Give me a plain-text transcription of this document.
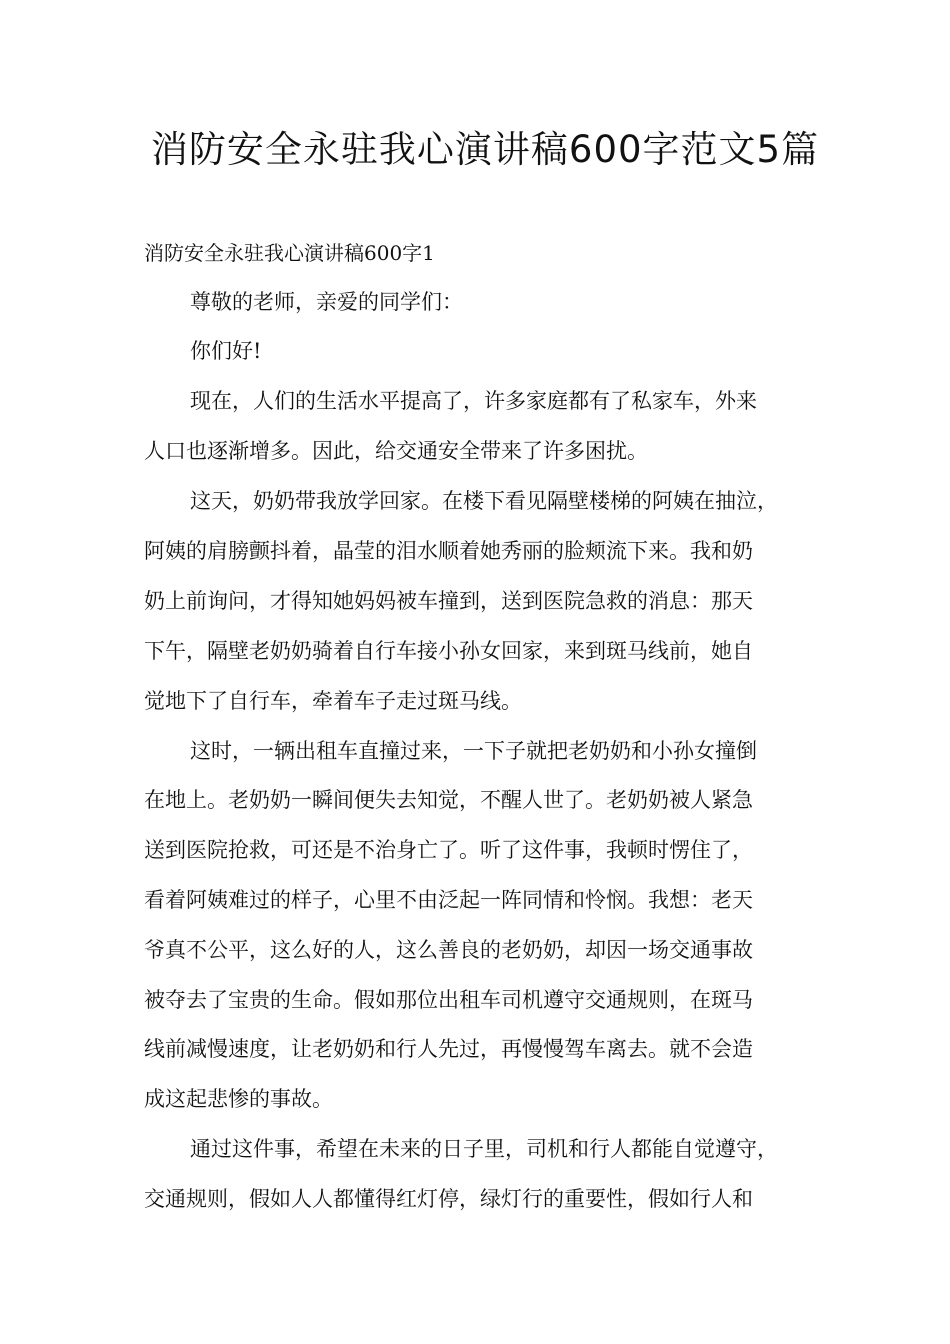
消防安全永驻我心演讲稿600字范文5篇

消防安全永驻我心演讲稿600字1

尊敬的老师，亲爱的同学们：
你们好!
现在，人们的生活水平提高了，许多家庭都有了私家车，外来
人口也逐渐增多。因此，给交通安全带来了许多困扰。
这天，奶奶带我放学回家。在楼下看见隔壁楼梯的阿姨在抽泣，
阿姨的肩膀颤抖着，晶莹的泪水顺着她秀丽的脸颊流下来。我和奶
奶上前询问，才得知她妈妈被车撞到，送到医院急救的消息：那天
下午，隔壁老奶奶骑着自行车接小孙女回家，来到斑马线前，她自
觉地下了自行车，牵着车子走过斑马线。
这时，一辆出租车直撞过来，一下子就把老奶奶和小孙女撞倒
在地上。老奶奶一瞬间便失去知觉，不醒人世了。老奶奶被人紧急
送到医院抢救，可还是不治身亡了。听了这件事，我顿时愣住了，
看着阿姨难过的样子，心里不由泛起一阵同情和怜悯。我想：老天
爷真不公平，这么好的人，这么善良的老奶奶，却因一场交通事故
被夺去了宝贵的生命。假如那位出租车司机遵守交通规则，在斑马
线前减慢速度，让老奶奶和行人先过，再慢慢驾车离去。就不会造
成这起悲惨的事故。
通过这件事，希望在未来的日子里，司机和行人都能自觉遵守，
交通规则，假如人人都懂得红灯停，绿灯行的重要性，假如行人和
